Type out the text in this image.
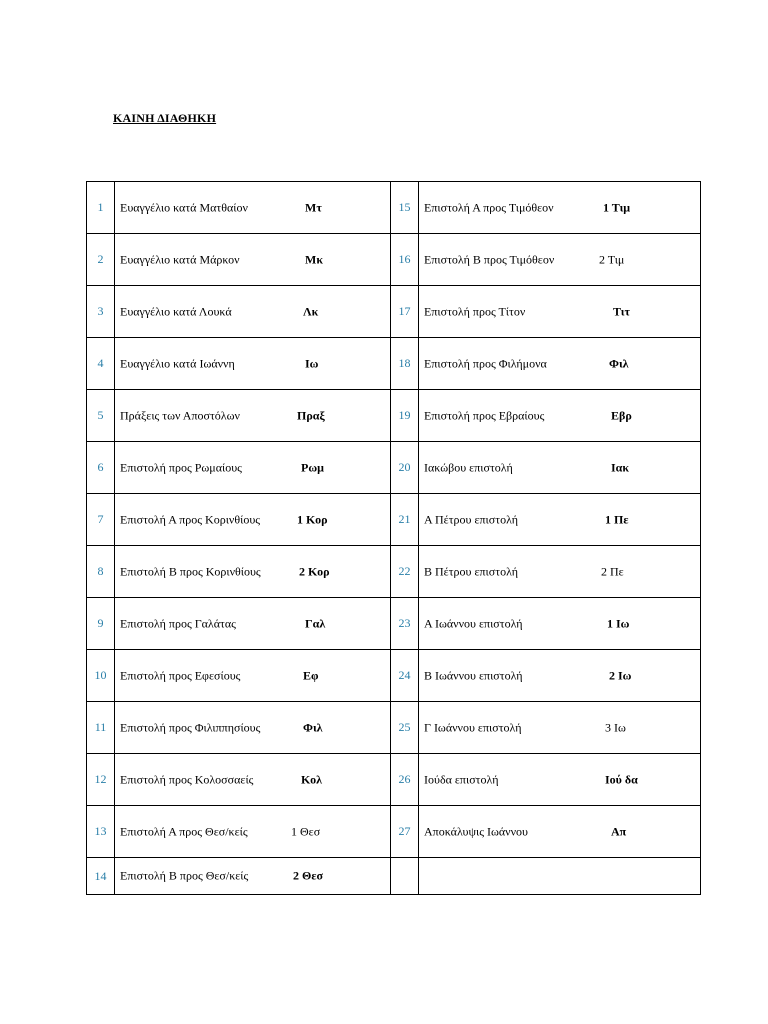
ΚΑΙΝΗ ΔΙΑΘΗΚΗ
1	Ευαγγέλιο κατά Ματθαίον Μτ	15	Επιστολή Α προς Τιμόθεον 1 Τιμ

2	Ευαγγέλιο κατά Μάρκον Μκ	16	Επιστολή Β προς Τιμόθεον 2 Τιμ

3	Ευαγγέλιο κατά Λουκά Λκ	17	Επιστολή προς Τίτον Τιτ

4	Ευαγγέλιο κατά Ιωάννη Ιω	18	Επιστολή προς Φιλήμονα Φιλ

5	Πράξεις των Αποστόλων Πραξ	19	Επιστολή προς Εβραίους Εβρ

6	Επιστολή προς Ρωμαίους Ρωμ	20	Ιακώβου επιστολή Ιακ

7	Επιστολή Α προς Κορινθίους 1 Κορ	21	Α Πέτρου επιστολή 1 Πε

8	Επιστολή Β προς Κορινθίους 2 Κορ	22	Β Πέτρου επιστολή 2 Πε

9	Επιστολή προς Γαλάτας Γαλ	23	Α Ιωάννου επιστολή 1 Ιω

10	Επιστολή προς Εφεσίους Εφ	24	Β Ιωάννου επιστολή 2 Ιω

11	Επιστολή προς Φιλιππησίους Φιλ	25	Γ Ιωάννου επιστολή 3 Ιω

12	Επιστολή προς Κολοσσαείς Κολ	26	Ιούδα επιστολή Ιού δα

13	Επιστολή Α προς Θεσ/κείς 1 Θεσ	27	Αποκάλυψις Ιωάννου Απ

14	Επιστολή Β προς Θεσ/κείς 2 Θεσ		
